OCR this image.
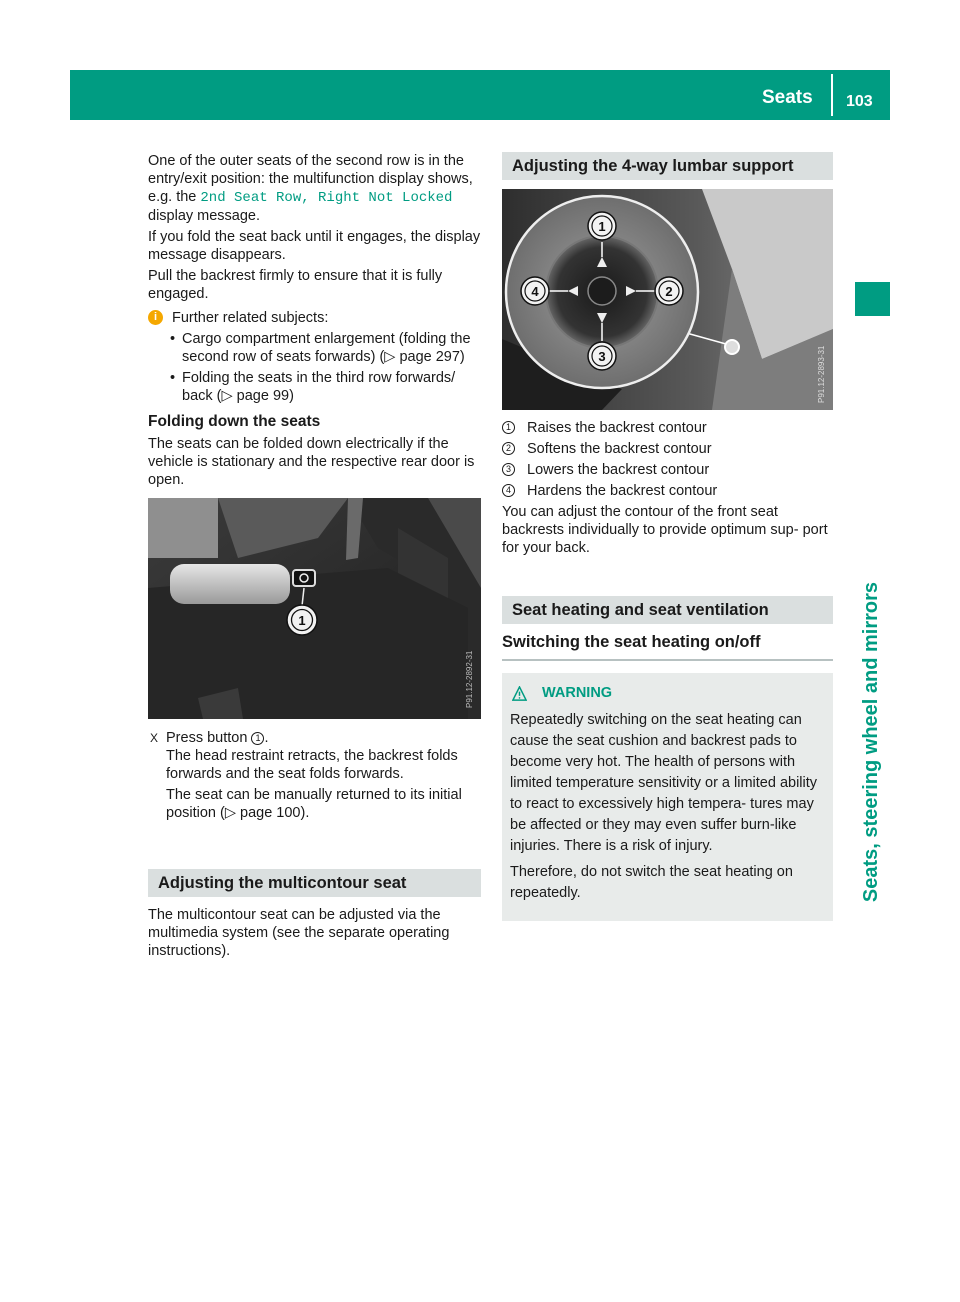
Seats 103
Seats, steering wheel and mirrors

One of the outer seats of the second row is in the entry/exit position: the multifunction display shows, e.g. the 2nd Seat Row, Right Not Locked display message.

If you fold the seat back until it engages, the display message disappears.

Pull the backrest firmly to ensure that it is fully engaged.

i	Further related subjects:
• Cargo compartment enlargement (folding the second row of seats forwards) (▷ page 297)
• Folding the seats in the third row forwards/ back (▷ page 99)
Folding down the seats

The seats can be folded down electrically if the vehicle is stationary and the respective rear door is open.

1
P91.12-2892-31
X Press button 1 .
The head restraint retracts, the backrest folds forwards and the seat folds forwards.

The seat can be manually returned to its initial position (▷ page 100).

Adjusting the multicontour seat

The multicontour seat can be adjusted via the multimedia system (see the separate operating instructions).

Adjusting the 4-way lumbar support
1
2
3
4
P91.12-2893-31
1 Raises the backrest contour
2 Softens the backrest contour
3 Lowers the backrest contour
4 Hardens the backrest contour

You can adjust the contour of the front seat backrests individually to provide optimum sup- port for your back.

Seat heating and seat ventilation
Switching the seat heating on/off
WARNING

Repeatedly switching on the seat heating can cause the seat cushion and backrest pads to become very hot. The health of persons with limited temperature sensitivity or a limited ability to react to excessively high tempera- tures may be affected or they may even suffer burn-like injuries. There is a risk of injury.

Therefore, do not switch the seat heating on repeatedly.
